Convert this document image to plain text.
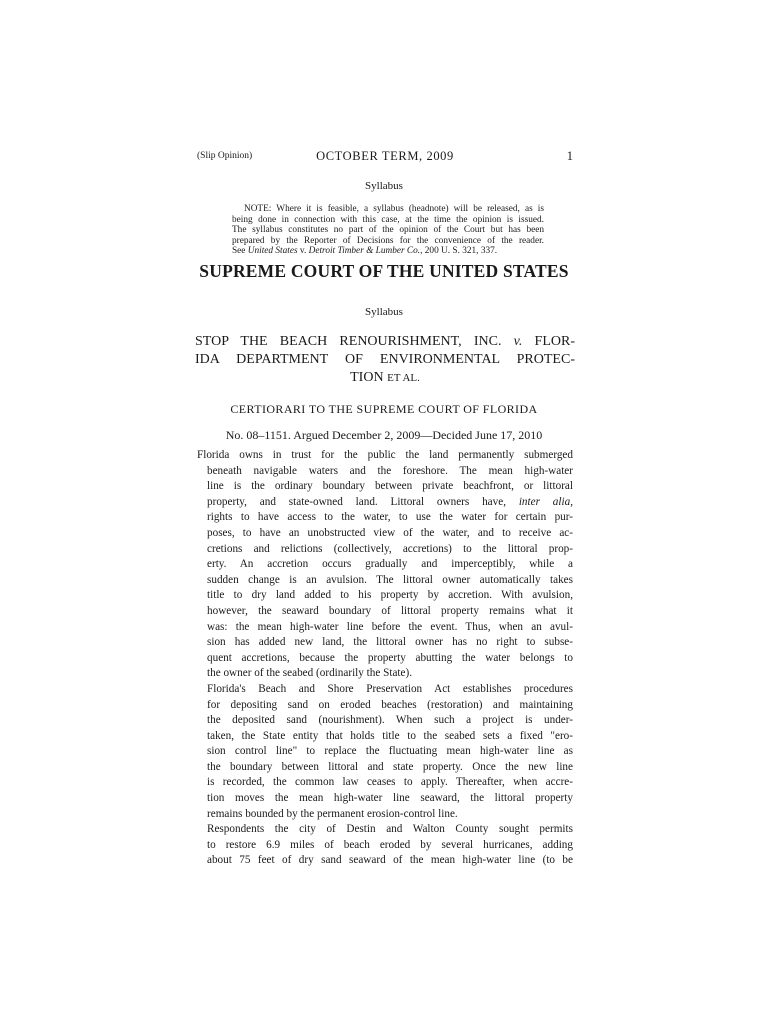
(Slip Opinion)	OCTOBER TERM, 2009	1
Syllabus
NOTE: Where it is feasible, a syllabus (headnote) will be released, as is
being done in connection with this case, at the time the opinion is issued.
The syllabus constitutes no part of the opinion of the Court but has been
prepared by the Reporter of Decisions for the convenience of the reader.
See United States v. Detroit Timber & Lumber Co., 200 U. S. 321, 337.
SUPREME COURT OF THE UNITED STATES
Syllabus
STOP THE BEACH RENOURISHMENT, INC. v. FLOR-
IDA DEPARTMENT OF ENVIRONMENTAL PROTEC-
TION ET AL.
CERTIORARI TO THE SUPREME COURT OF FLORIDA
No. 08–1151. Argued December 2, 2009—Decided June 17, 2010
Florida owns in trust for the public the land permanently submerged
beneath navigable waters and the foreshore. The mean high-water
line is the ordinary boundary between private beachfront, or littoral
property, and state-owned land. Littoral owners have, inter alia,
rights to have access to the water, to use the water for certain pur-
poses, to have an unobstructed view of the water, and to receive ac-
cretions and relictions (collectively, accretions) to the littoral prop-
erty. An accretion occurs gradually and imperceptibly, while a
sudden change is an avulsion. The littoral owner automatically takes
title to dry land added to his property by accretion. With avulsion,
however, the seaward boundary of littoral property remains what it
was: the mean high-water line before the event. Thus, when an avul-
sion has added new land, the littoral owner has no right to subse-
quent accretions, because the property abutting the water belongs to
the owner of the seabed (ordinarily the State).
Florida's Beach and Shore Preservation Act establishes procedures
for depositing sand on eroded beaches (restoration) and maintaining
the deposited sand (nourishment). When such a project is under-
taken, the State entity that holds title to the seabed sets a fixed "ero-
sion control line" to replace the fluctuating mean high-water line as
the boundary between littoral and state property. Once the new line
is recorded, the common law ceases to apply. Thereafter, when accre-
tion moves the mean high-water line seaward, the littoral property
remains bounded by the permanent erosion-control line.
Respondents the city of Destin and Walton County sought permits
to restore 6.9 miles of beach eroded by several hurricanes, adding
about 75 feet of dry sand seaward of the mean high-water line (to be
